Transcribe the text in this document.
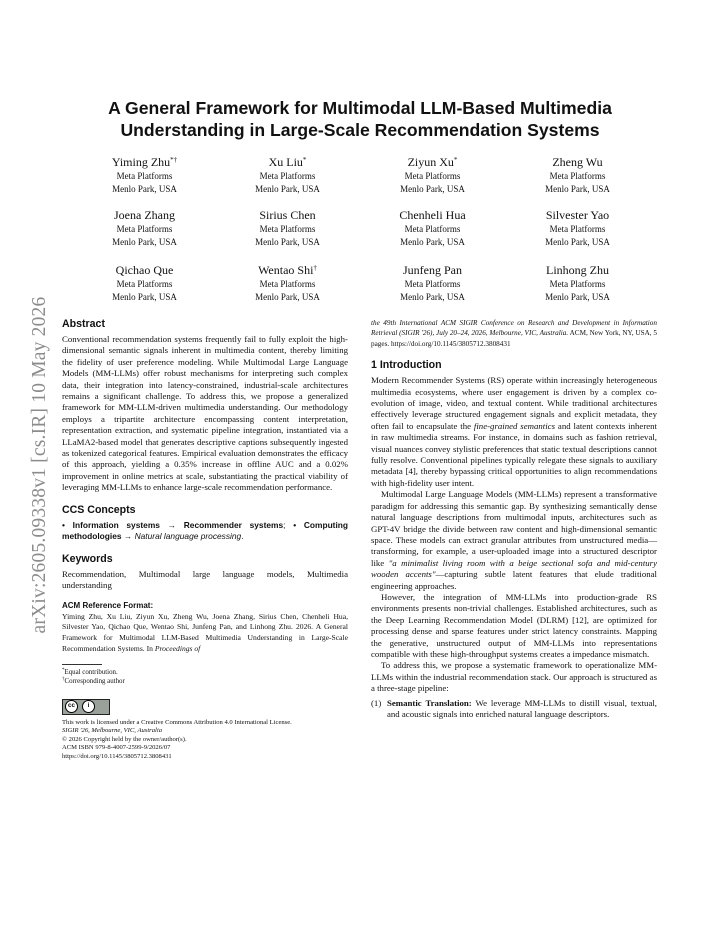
arXiv:2605.09338v1 [cs.IR] 10 May 2026
A General Framework for Multimodal LLM-Based Multimedia Understanding in Large-Scale Recommendation Systems
Yiming Zhu*†
Meta Platforms
Menlo Park, USA
Xu Liu*
Meta Platforms
Menlo Park, USA
Ziyun Xu*
Meta Platforms
Menlo Park, USA
Zheng Wu
Meta Platforms
Menlo Park, USA
Joena Zhang
Meta Platforms
Menlo Park, USA
Sirius Chen
Meta Platforms
Menlo Park, USA
Chenheli Hua
Meta Platforms
Menlo Park, USA
Silvester Yao
Meta Platforms
Menlo Park, USA
Qichao Que
Meta Platforms
Menlo Park, USA
Wentao Shi†
Meta Platforms
Menlo Park, USA
Junfeng Pan
Meta Platforms
Menlo Park, USA
Linhong Zhu
Meta Platforms
Menlo Park, USA
Abstract

Conventional recommendation systems frequently fail to fully exploit the high-dimensional semantic signals inherent in multimedia content, thereby limiting the fidelity of user preference modeling. While Multimodal Large Language Models (MM-LLMs) offer robust mechanisms for interpreting such complex data, their integration into latency-constrained, industrial-scale architectures remains a significant challenge. To address this, we propose a generalized framework for MM-LLM-driven multimedia understanding. Our methodology employs a tripartite architecture encompassing content interpretation, representation extraction, and systematic pipeline integration, instantiated via a LLaMA2-based model that generates descriptive captions subsequently ingested as tokenized categorical features. Empirical evaluation demonstrates the efficacy of this approach, yielding a 0.35% increase in offline AUC and a 0.02% improvement in online metrics at scale, substantiating the practical viability of leveraging MM-LLMs to enhance large-scale recommendation performance.

CCS Concepts

• Information systems → Recommender systems; • Computing methodologies → Natural language processing.

Keywords

Recommendation, Multimodal large language models, Multimedia understanding

ACM Reference Format:

Yiming Zhu, Xu Liu, Ziyun Xu, Zheng Wu, Joena Zhang, Sirius Chen, Chenheli Hua, Silvester Yao, Qichao Que, Wentao Shi, Junfeng Pan, and Linhong Zhu. 2026. A General Framework for Multimodal LLM-Based Multimedia Understanding in Large-Scale Recommendation Systems. In Proceedings of

*Equal contribution.
†Corresponding author
cc	i
This work is licensed under a Creative Commons Attribution 4.0 International License.
SIGIR '26, Melbourne, VIC, Australia
© 2026 Copyright held by the owner/author(s).
ACM ISBN 979-8-4007-2599-9/2026/07
https://doi.org/10.1145/3805712.3808431

the 49th International ACM SIGIR Conference on Research and Development in Information Retrieval (SIGIR '26), July 20–24, 2026, Melbourne, VIC, Australia. ACM, New York, NY, USA, 5 pages. https://doi.org/10.1145/3805712.3808431

1 Introduction

Modern Recommender Systems (RS) operate within increasingly heterogeneous multimedia ecosystems, where user engagement is driven by a complex co-evolution of image, video, and textual content. While traditional architectures effectively leverage structured engagement signals and explicit metadata, they often fail to encapsulate the fine-grained semantics and latent contexts inherent in raw multimedia streams. For instance, in domains such as fashion retrieval, visual nuances convey stylistic preferences that static textual descriptions cannot fully resolve. Conventional pipelines typically relegate these signals to auxiliary metadata [4], thereby bypassing critical opportunities to align recommendations with high-fidelity user intent.

Multimodal Large Language Models (MM-LLMs) represent a transformative paradigm for addressing this semantic gap. By synthesizing semantically dense natural language descriptions from multimodal inputs, architectures such as GPT-4V bridge the divide between raw content and high-dimensional semantic space. These models can extract granular attributes from unstructured media—transforming, for example, a user-uploaded image into a structured descriptor like "a minimalist living room with a beige sectional sofa and mid-century wooden accents"—capturing subtle latent features that elude traditional engineering approaches.

However, the integration of MM-LLMs into production-grade RS environments presents non-trivial challenges. Established architectures, such as the Deep Learning Recommendation Model (DLRM) [12], are optimized for processing dense and sparse features under strict latency constraints. Mapping the generative, unstructured output of MM-LLMs into representations compatible with these high-throughput systems creates a impedance mismatch.

To address this, we propose a systematic framework to operationalize MM-LLMs within the industrial recommendation stack. Our approach is structured as a three-stage pipeline:

(1) Semantic Translation: We leverage MM-LLMs to distill visual, textual, and acoustic signals into enriched natural language descriptors.
